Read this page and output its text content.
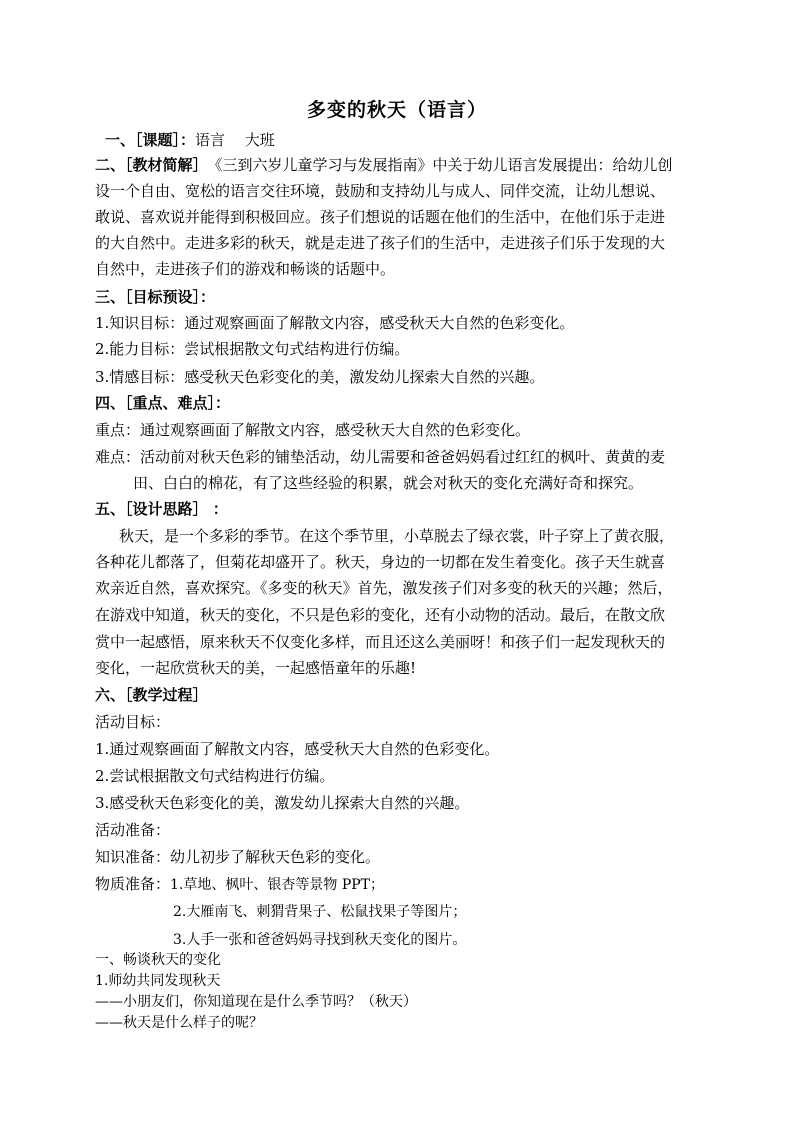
多变的秋天（语言）
一、［课题］：语言　 大班
二、［教材简解］　《三到六岁儿童学习与发展指南》中关于幼儿语言发展提出：给幼儿创
设一个自由、宽松的语言交往环境，鼓励和支持幼儿与成人、同伴交流，让幼儿想说、
敢说、喜欢说并能得到积极回应。孩子们想说的话题在他们的生活中，在他们乐于走进
的大自然中。走进多彩的秋天，就是走进了孩子们的生活中，走进孩子们乐于发现的大
自然中，走进孩子们的游戏和畅谈的话题中。
三、［目标预设］：
1.知识目标：通过观察画面了解散文内容，感受秋天大自然的色彩变化。
2.能力目标：尝试根据散文句式结构进行仿编。
3.情感目标：感受秋天色彩变化的美，激发幼儿探索大自然的兴趣。
四、［重点、难点］：
重点：通过观察画面了解散文内容，感受秋天大自然的色彩变化。
难点：活动前对秋天色彩的铺垫活动，幼儿需要和爸爸妈妈看过红红的枫叶、黄黄的麦
田、白白的棉花，有了这些经验的积累，就会对秋天的变化充满好奇和探究。
五、［设计思路］ ：
秋天，是一个多彩的季节。在这个季节里，小草脱去了绿衣裳，叶子穿上了黄衣服，
各种花儿都落了，但菊花却盛开了。秋天，身边的一切都在发生着变化。孩子天生就喜
欢亲近自然，喜欢探究。《多变的秋天》首先，激发孩子们对多变的秋天的兴趣；然后，
在游戏中知道，秋天的变化，不只是色彩的变化，还有小动物的活动。最后，在散文欣
赏中一起感悟，原来秋天不仅变化多样，而且还这么美丽呀！和孩子们一起发现秋天的
变化，一起欣赏秋天的美，一起感悟童年的乐趣!
六、［教学过程］
活动目标：
1.通过观察画面了解散文内容，感受秋天大自然的色彩变化。
2.尝试根据散文句式结构进行仿编。
3.感受秋天色彩变化的美，激发幼儿探索大自然的兴趣。
活动准备：
知识准备：幼儿初步了解秋天色彩的变化。
物质准备：1.草地、枫叶、银杏等景物 PPT；
2.大雁南飞、刺猬背果子、松鼠找果子等图片；
3.人手一张和爸爸妈妈寻找到秋天变化的图片。
一、畅谈秋天的变化
1.师幼共同发现秋天
——小朋友们，你知道现在是什么季节吗？（秋天）
——秋天是什么样子的呢？
